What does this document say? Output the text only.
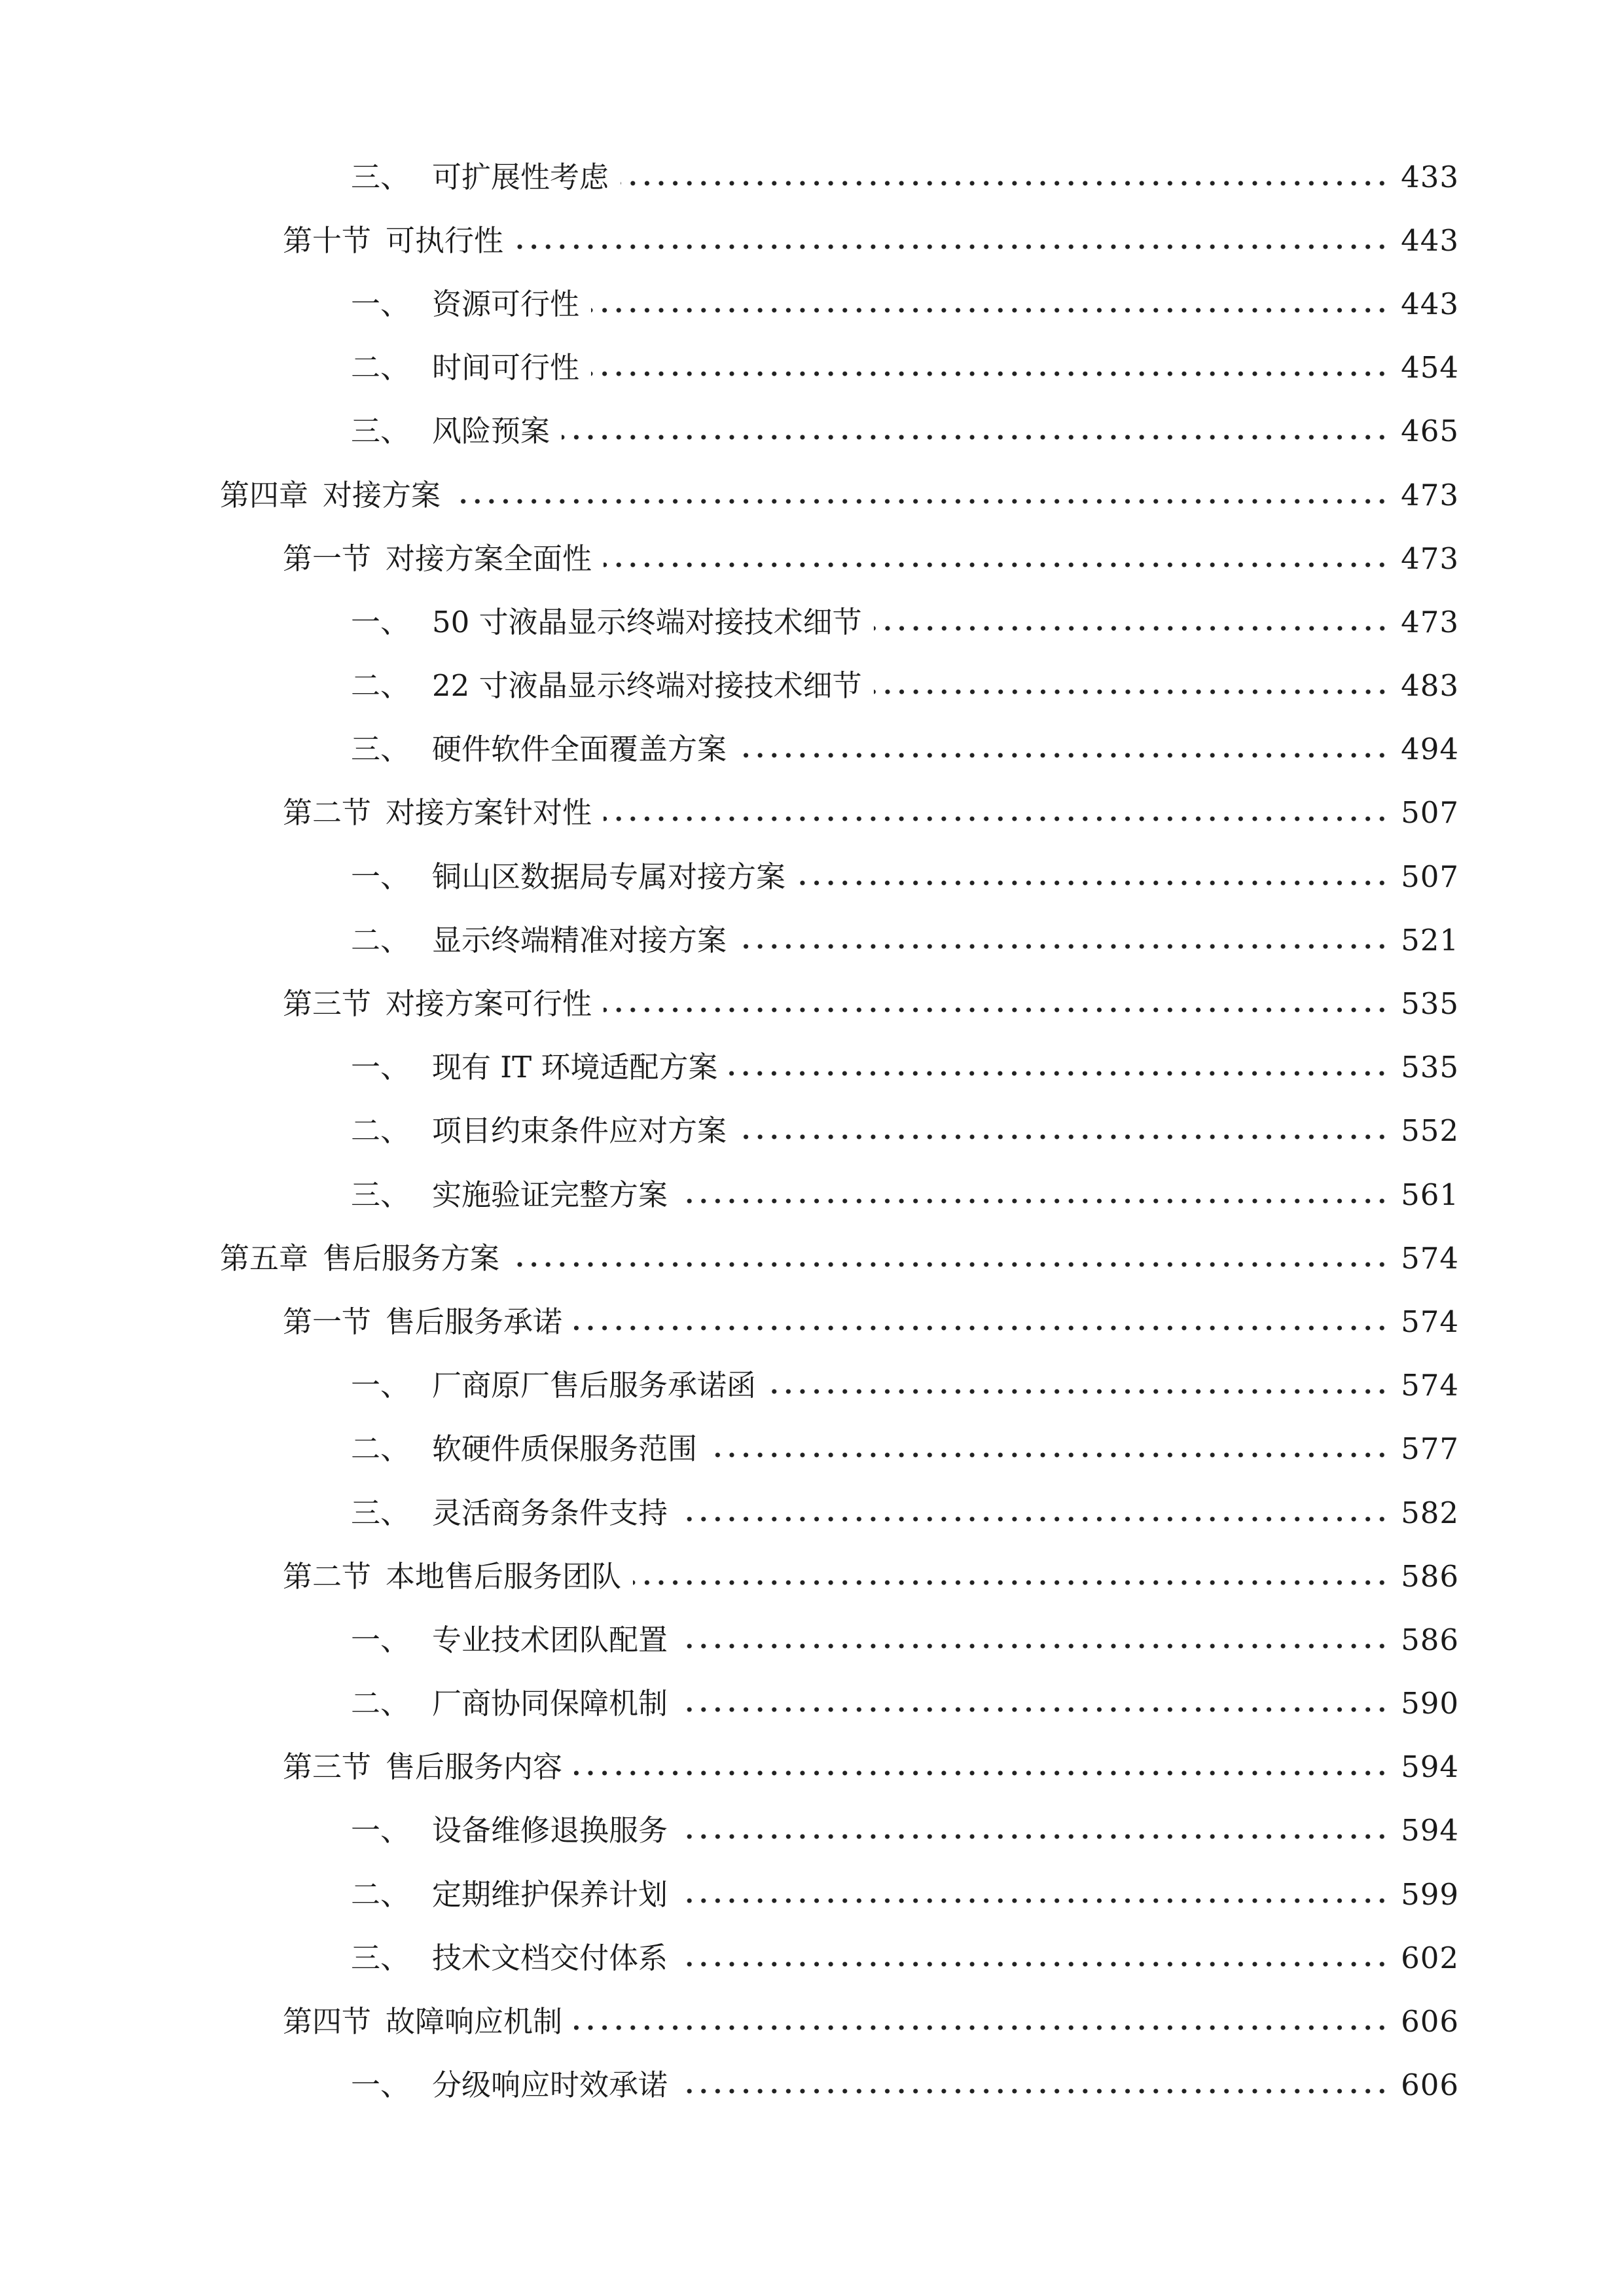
三、 可扩展性考虑	433
第十节 可执行性	443
一、 资源可行性	443
二、 时间可行性	454
三、 风险预案	465
第四章 对接方案	473
第一节 对接方案全面性	473
一、 50 寸液晶显示终端对接技术细节	473
二、 22 寸液晶显示终端对接技术细节	483
三、 硬件软件全面覆盖方案	494
第二节 对接方案针对性	507
一、 铜山区数据局专属对接方案	507
二、 显示终端精准对接方案	521
第三节 对接方案可行性	535
一、 现有 IT 环境适配方案	535
二、 项目约束条件应对方案	552
三、 实施验证完整方案	561
第五章 售后服务方案	574
第一节 售后服务承诺	574
一、 厂商原厂售后服务承诺函	574
二、 软硬件质保服务范围	577
三、 灵活商务条件支持	582
第二节 本地售后服务团队	586
一、 专业技术团队配置	586
二、 厂商协同保障机制	590
第三节 售后服务内容	594
一、 设备维修退换服务	594
二、 定期维护保养计划	599
三、 技术文档交付体系	602
第四节 故障响应机制	606
一、 分级响应时效承诺	606
